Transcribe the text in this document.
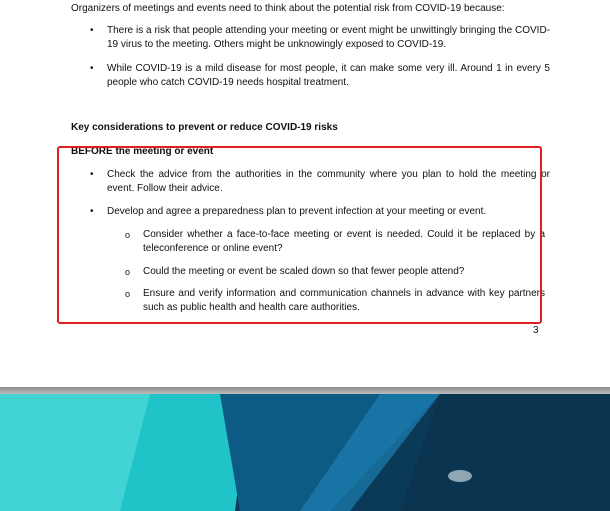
Organizers of meetings and events need to think about the potential risk from COVID-19 because:
•	There is a risk that people attending your meeting or event might be unwittingly bringing the COVID-19 virus to the meeting. Others might be unknowingly exposed to COVID-19.
•	While COVID-19 is a mild disease for most people, it can make some very ill. Around 1 in every 5 people who catch COVID-19 needs hospital treatment.
Key considerations to prevent or reduce COVID-19 risks
BEFORE the meeting or event
•	Check the advice from the authorities in the community where you plan to hold the meeting or event. Follow their advice.
•	Develop and agree a preparedness plan to prevent infection at your meeting or event.
o Consider whether a face-to-face meeting or event is needed. Could it be replaced by a teleconference or online event?
o Could the meeting or event be scaled down so that fewer people attend?
o Ensure and verify information and communication channels in advance with key partners such as public health and health care authorities.
3
